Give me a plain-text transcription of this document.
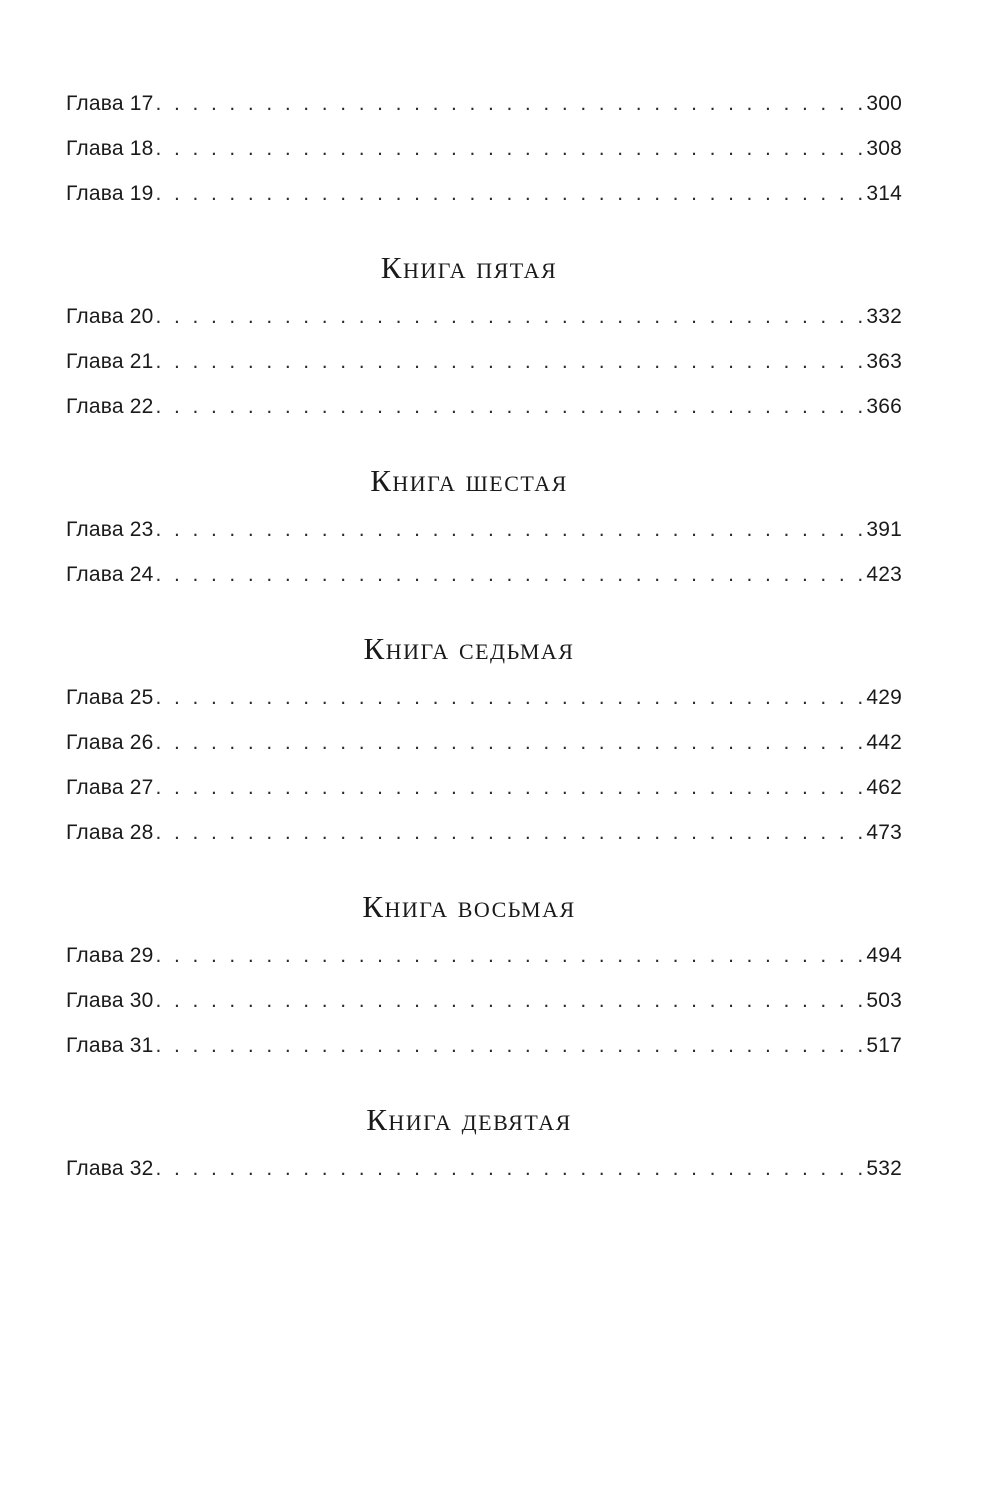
Глава 17 . . .	300
Глава 18 . . .	308
Глава 19 . . .	314
Книга пятая
Глава 20 . . .	332
Глава 21 . . .	363
Глава 22 . . .	366
Книга шестая
Глава 23 . . .	391
Глава 24 . . .	423
Книга седьмая
Глава 25 . . .	429
Глава 26 . . .	442
Глава 27 . . .	462
Глава 28 . . .	473
Книга восьмая
Глава 29 . . .	494
Глава 30 . . .	503
Глава 31 . . .	517
Книга девятая
Глава 32 . . .	532
